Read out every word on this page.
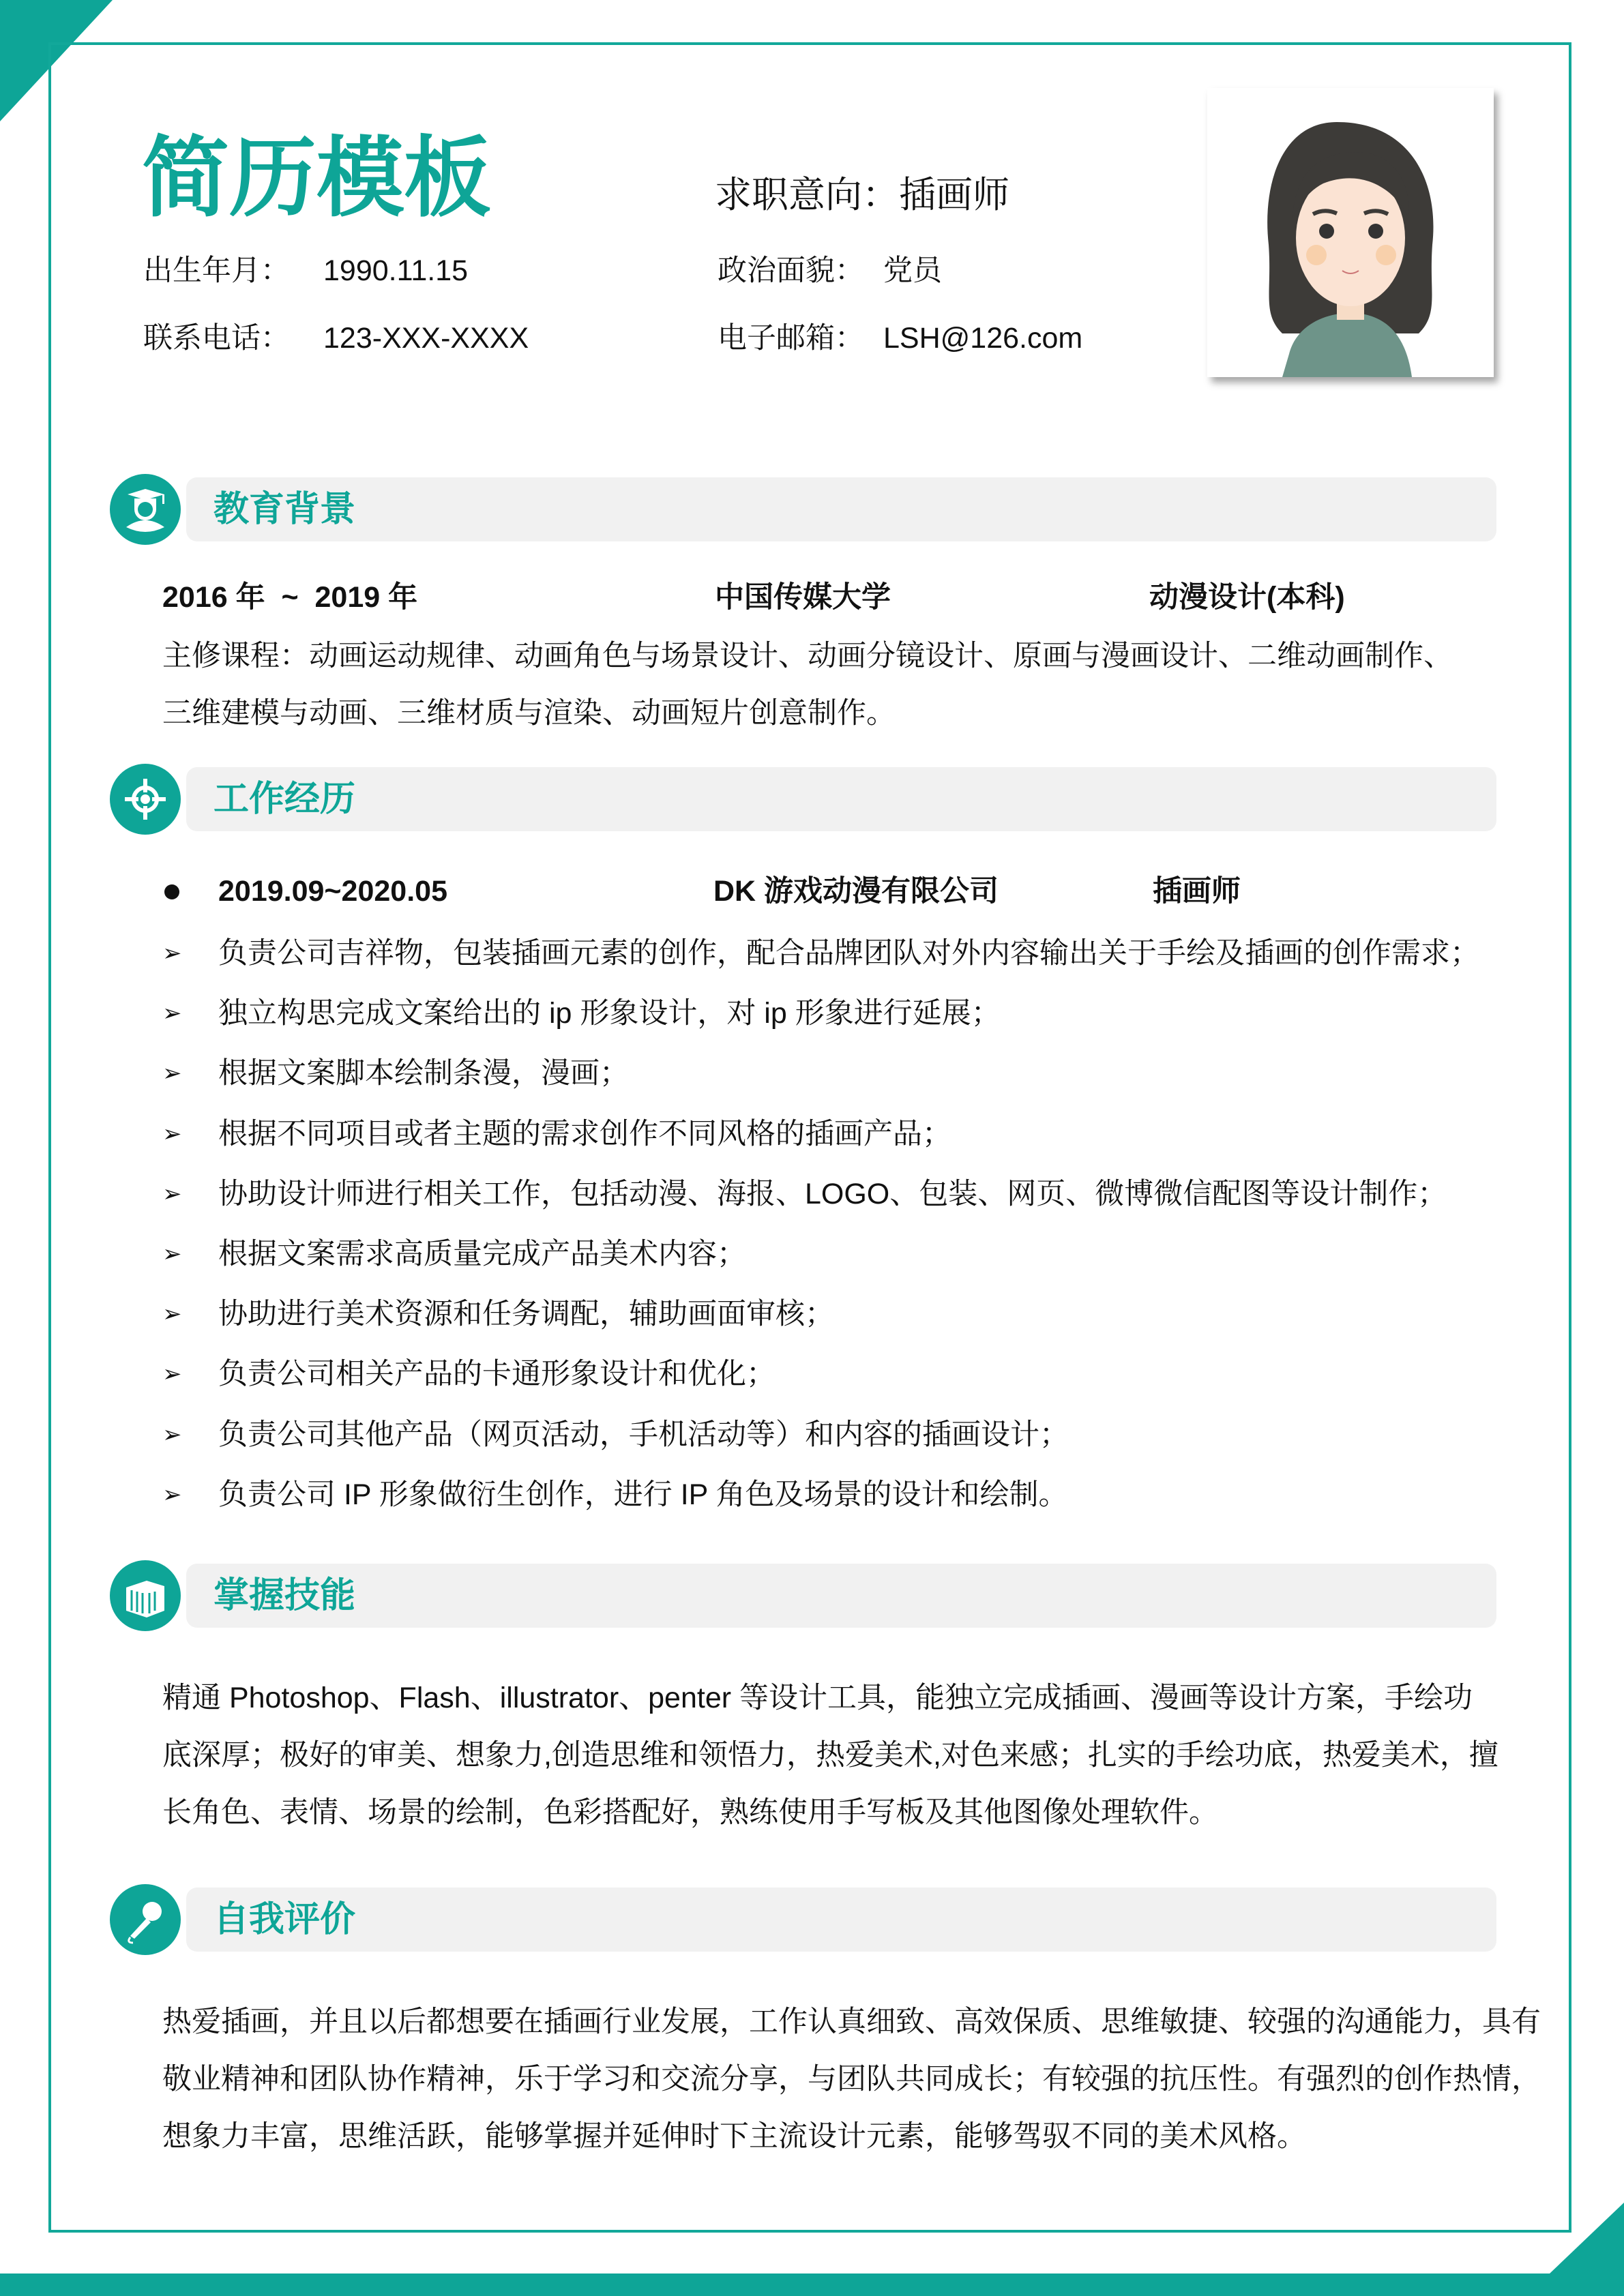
简历模板	求职意向：插画师
出生年月： 1990.11.15
联系电话： 123-XXX-XXXX
政治面貌： 党员
电子邮箱： LSH@126.com
教育背景
2016 年  ~  2019 年	中国传媒大学	动漫设计(本科)
主修课程：动画运动规律、动画角色与场景设计、动画分镜设计、原画与漫画设计、二维动画制作、
三维建模与动画、三维材质与渲染、动画短片创意制作。
工作经历
2019.09~2020.05	DK 游戏动漫有限公司	插画师
➢ 负责公司吉祥物，包装插画元素的创作，配合品牌团队对外内容输出关于手绘及插画的创作需求；
➢ 独立构思完成文案给出的 ip 形象设计，对 ip 形象进行延展；
➢ 根据文案脚本绘制条漫，漫画；
➢ 根据不同项目或者主题的需求创作不同风格的插画产品；
➢ 协助设计师进行相关工作，包括动漫、海报、LOGO、包装、网页、微博微信配图等设计制作；
➢ 根据文案需求高质量完成产品美术内容；
➢ 协助进行美术资源和任务调配，辅助画面审核；
➢ 负责公司相关产品的卡通形象设计和优化；
➢ 负责公司其他产品（网页活动，手机活动等）和内容的插画设计；
➢ 负责公司 IP 形象做衍生创作，进行 IP 角色及场景的设计和绘制。
掌握技能
精通 Photoshop、Flash、illustrator、penter 等设计工具，能独立完成插画、漫画等设计方案，手绘功
底深厚；极好的审美、想象力,创造思维和领悟力，热爱美术,对色来感；扎实的手绘功底，热爱美术，擅
长角色、表情、场景的绘制，色彩搭配好，熟练使用手写板及其他图像处理软件。
自我评价
热爱插画，并且以后都想要在插画行业发展，工作认真细致、高效保质、思维敏捷、较强的沟通能力，具有
敬业精神和团队协作精神，乐于学习和交流分享，与团队共同成长；有较强的抗压性。有强烈的创作热情，
想象力丰富，思维活跃，能够掌握并延伸时下主流设计元素，能够驾驭不同的美术风格。
